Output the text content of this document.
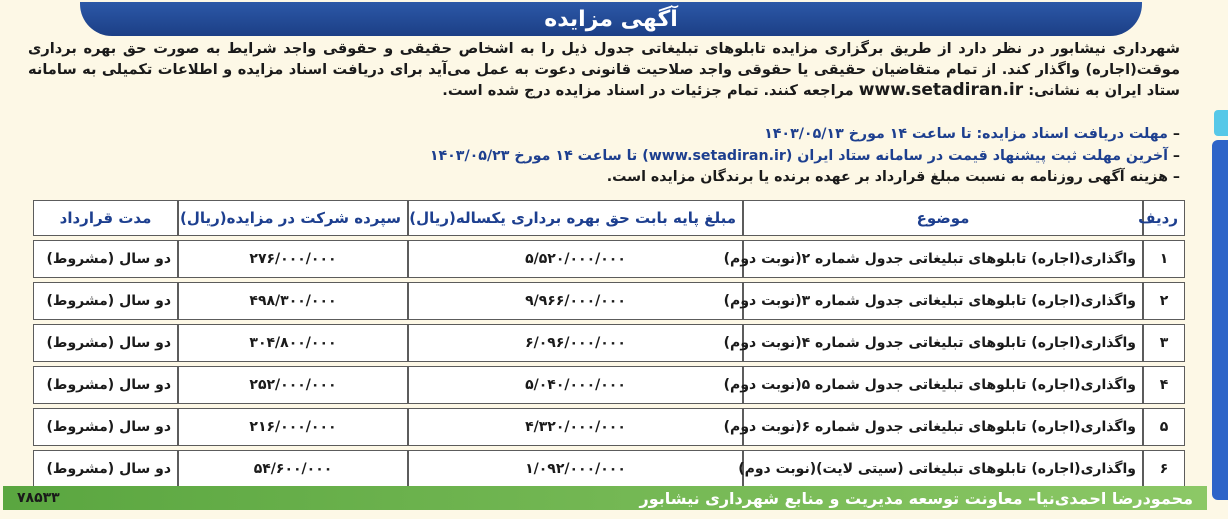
آگهی مزایده

شهرداری نیشابور در نظر دارد از طریق برگزاری مزایده تابلوهای تبلیغاتی جدول ذیل را به اشخاص حقیقی و حقوقی واجد شرایط به صورت حق بهره برداری موقت(اجاره) واگذار کند. از تمام متقاضیان حقیقی یا حقوقی واجد صلاحیت قانونی دعوت به عمل می‌آید برای دریافت اسناد مزایده و اطلاعات تکمیلی به سامانه ستاد ایران به نشانی: www.setadiran.ir مراجعه کنند. تمام جزئیات در اسناد مزایده درج شده است.

– مهلت دریافت اسناد مزایده: تا ساعت ۱۴ مورخ ۱۴۰۳/۰۵/۱۳
– آخرین مهلت ثبت پیشنهاد قیمت در سامانه ستاد ایران (www.setadiran.ir) تا ساعت ۱۴ مورخ ۱۴۰۳/۰۵/۲۳
– هزینه آگهی روزنامه به نسبت مبلغ قرارداد بر عهده برنده یا برندگان مزایده است.
ردیف	موضوع	مبلغ پایه بابت حق بهره برداری یکساله(ریال)	سپرده شرکت در مزایده(ریال)	مدت قرارداد
۱	واگذاری(اجاره) تابلوهای تبلیغاتی جدول شماره ۲(نوبت دوم)	۵/۵۲۰/۰۰۰/۰۰۰	۲۷۶/۰۰۰/۰۰۰	دو سال (مشروط)
۲	واگذاری(اجاره) تابلوهای تبلیغاتی جدول شماره ۳(نوبت دوم)	۹/۹۶۶/۰۰۰/۰۰۰	۴۹۸/۳۰۰/۰۰۰	دو سال (مشروط)
۳	واگذاری(اجاره) تابلوهای تبلیغاتی جدول شماره ۴(نوبت دوم)	۶/۰۹۶/۰۰۰/۰۰۰	۳۰۴/۸۰۰/۰۰۰	دو سال (مشروط)
۴	واگذاری(اجاره) تابلوهای تبلیغاتی جدول شماره ۵(نوبت دوم)	۵/۰۴۰/۰۰۰/۰۰۰	۲۵۲/۰۰۰/۰۰۰	دو سال (مشروط)
۵	واگذاری(اجاره) تابلوهای تبلیغاتی جدول شماره ۶(نوبت دوم)	۴/۳۲۰/۰۰۰/۰۰۰	۲۱۶/۰۰۰/۰۰۰	دو سال (مشروط)
۶	واگذاری(اجاره) تابلوهای تبلیغاتی (سیتی لایت)(نوبت دوم)	۱/۰۹۲/۰۰۰/۰۰۰	۵۴/۶۰۰/۰۰۰	دو سال (مشروط)
۷۸۵۳۳	محمودرضا احمدی‌نیا– معاونت توسعه مدیریت و منابع شهرداری نیشابور
